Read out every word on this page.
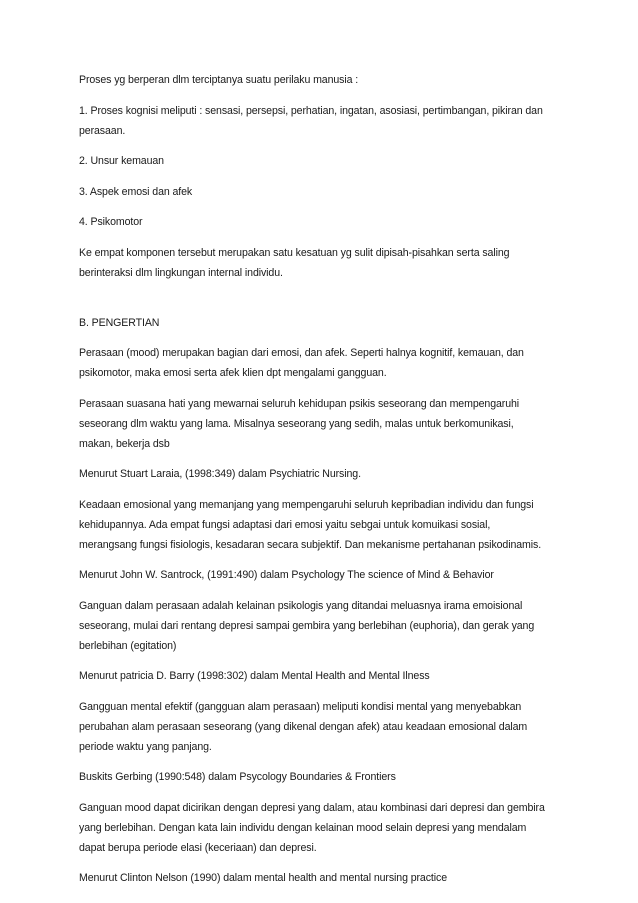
Proses yg berperan dlm terciptanya suatu perilaku manusia :

1. Proses kognisi meliputi : sensasi, persepsi, perhatian, ingatan, asosiasi, pertimbangan, pikiran dan
perasaan.

2. Unsur kemauan

3. Aspek emosi dan afek

4. Psikomotor

Ke empat komponen tersebut merupakan satu kesatuan yg sulit dipisah-pisahkan serta saling
berinteraksi dlm lingkungan internal individu.

B. PENGERTIAN

Perasaan (mood) merupakan bagian dari emosi, dan afek. Seperti halnya kognitif, kemauan, dan
psikomotor, maka emosi serta afek klien dpt mengalami gangguan.

Perasaan suasana hati yang mewarnai seluruh kehidupan psikis seseorang dan mempengaruhi
seseorang dlm waktu yang lama. Misalnya seseorang yang sedih, malas untuk berkomunikasi,
makan, bekerja dsb

Menurut Stuart Laraia, (1998:349) dalam Psychiatric Nursing.

Keadaan emosional yang memanjang yang mempengaruhi seluruh kepribadian individu dan fungsi
kehidupannya. Ada empat fungsi adaptasi dari emosi yaitu sebgai untuk komuikasi sosial,
merangsang fungsi fisiologis, kesadaran secara subjektif. Dan mekanisme pertahanan psikodinamis.

Menurut John W. Santrock, (1991:490) dalam Psychology The science of Mind & Behavior

Ganguan dalam perasaan adalah kelainan psikologis yang ditandai meluasnya irama emoisional
seseorang, mulai dari rentang depresi sampai gembira yang berlebihan (euphoria), dan gerak yang
berlebihan (egitation)

Menurut patricia D. Barry (1998:302) dalam Mental Health and Mental Ilness

Gangguan mental efektif (gangguan alam perasaan) meliputi kondisi mental yang menyebabkan
perubahan alam perasaan seseorang (yang dikenal dengan afek) atau keadaan emosional dalam
periode waktu yang panjang.

Buskits Gerbing (1990:548) dalam Psycology Boundaries & Frontiers

Ganguan mood dapat dicirikan dengan depresi yang dalam, atau kombinasi dari depresi dan gembira
yang berlebihan. Dengan kata lain individu dengan kelainan mood selain depresi yang mendalam
dapat berupa periode elasi (keceriaan) dan depresi.

Menurut Clinton Nelson (1990) dalam mental health and mental nursing practice
